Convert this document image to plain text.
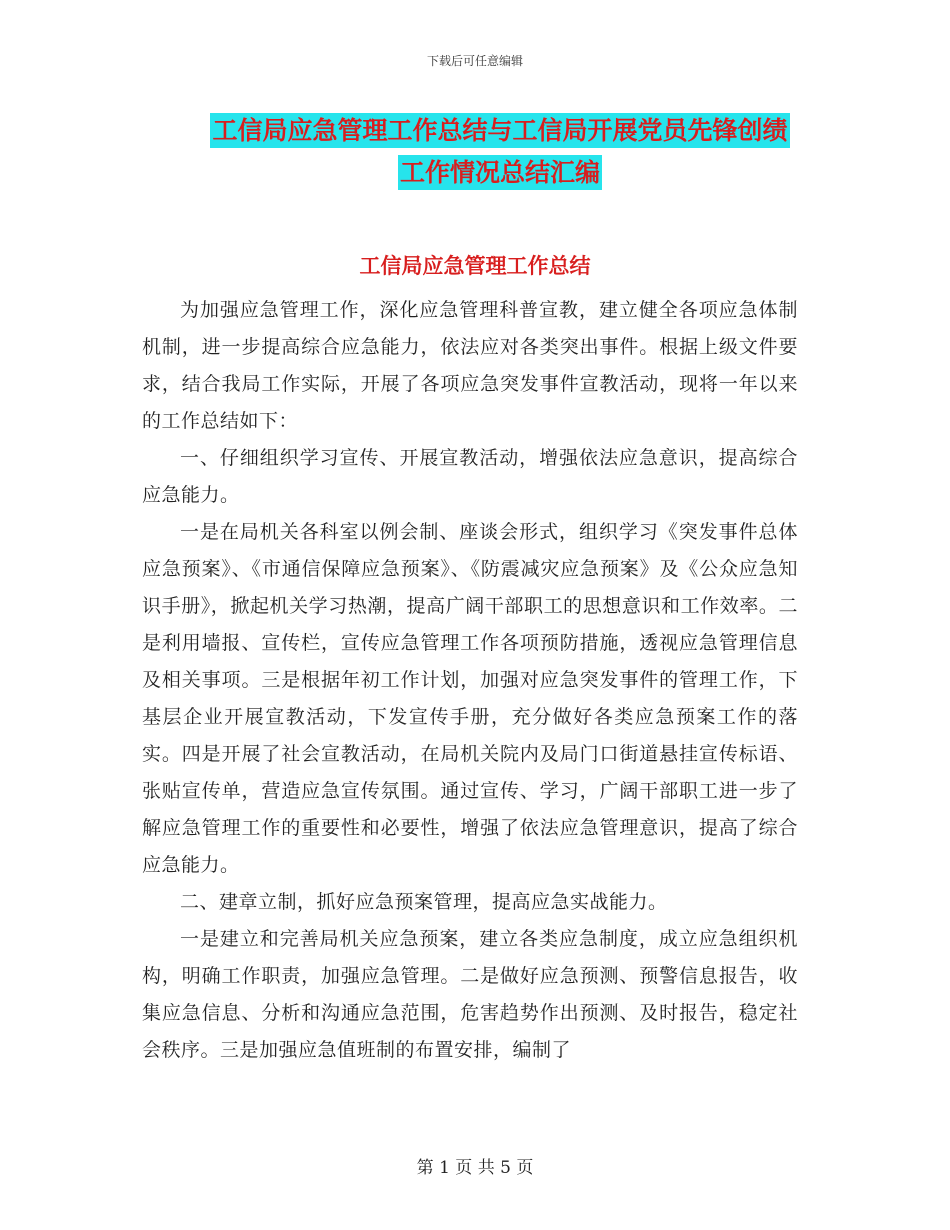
下载后可任意编辑
工信局应急管理工作总结与工信局开展党员先锋创绩
工作情况总结汇编
工信局应急管理工作总结

为加强应急管理工作，深化应急管理科普宣教，建立健全各项应急体制机制，进一步提高综合应急能力，依法应对各类突出事件。根据上级文件要求，结合我局工作实际，开展了各项应急突发事件宣教活动，现将一年以来的工作总结如下：

一、仔细组织学习宣传、开展宣教活动，增强依法应急意识，提高综合应急能力。

一是在局机关各科室以例会制、座谈会形式，组织学习《突发事件总体应急预案》、《市通信保障应急预案》、《防震减灾应急预案》及《公众应急知识手册》，掀起机关学习热潮，提高广阔干部职工的思想意识和工作效率。二是利用墙报、宣传栏，宣传应急管理工作各项预防措施，透视应急管理信息及相关事项。三是根据年初工作计划，加强对应急突发事件的管理工作，下基层企业开展宣教活动，下发宣传手册，充分做好各类应急预案工作的落实。四是开展了社会宣教活动，在局机关院内及局门口街道悬挂宣传标语、张贴宣传单，营造应急宣传氛围。通过宣传、学习，广阔干部职工进一步了解应急管理工作的重要性和必要性，增强了依法应急管理意识，提高了综合应急能力。

二、建章立制，抓好应急预案管理，提高应急实战能力。

一是建立和完善局机关应急预案，建立各类应急制度，成立应急组织机构，明确工作职责，加强应急管理。二是做好应急预测、预警信息报告，收集应急信息、分析和沟通应急范围，危害趋势作出预测、及时报告，稳定社会秩序。三是加强应急值班制的布置安排，编制了

第 1 页 共 5 页
